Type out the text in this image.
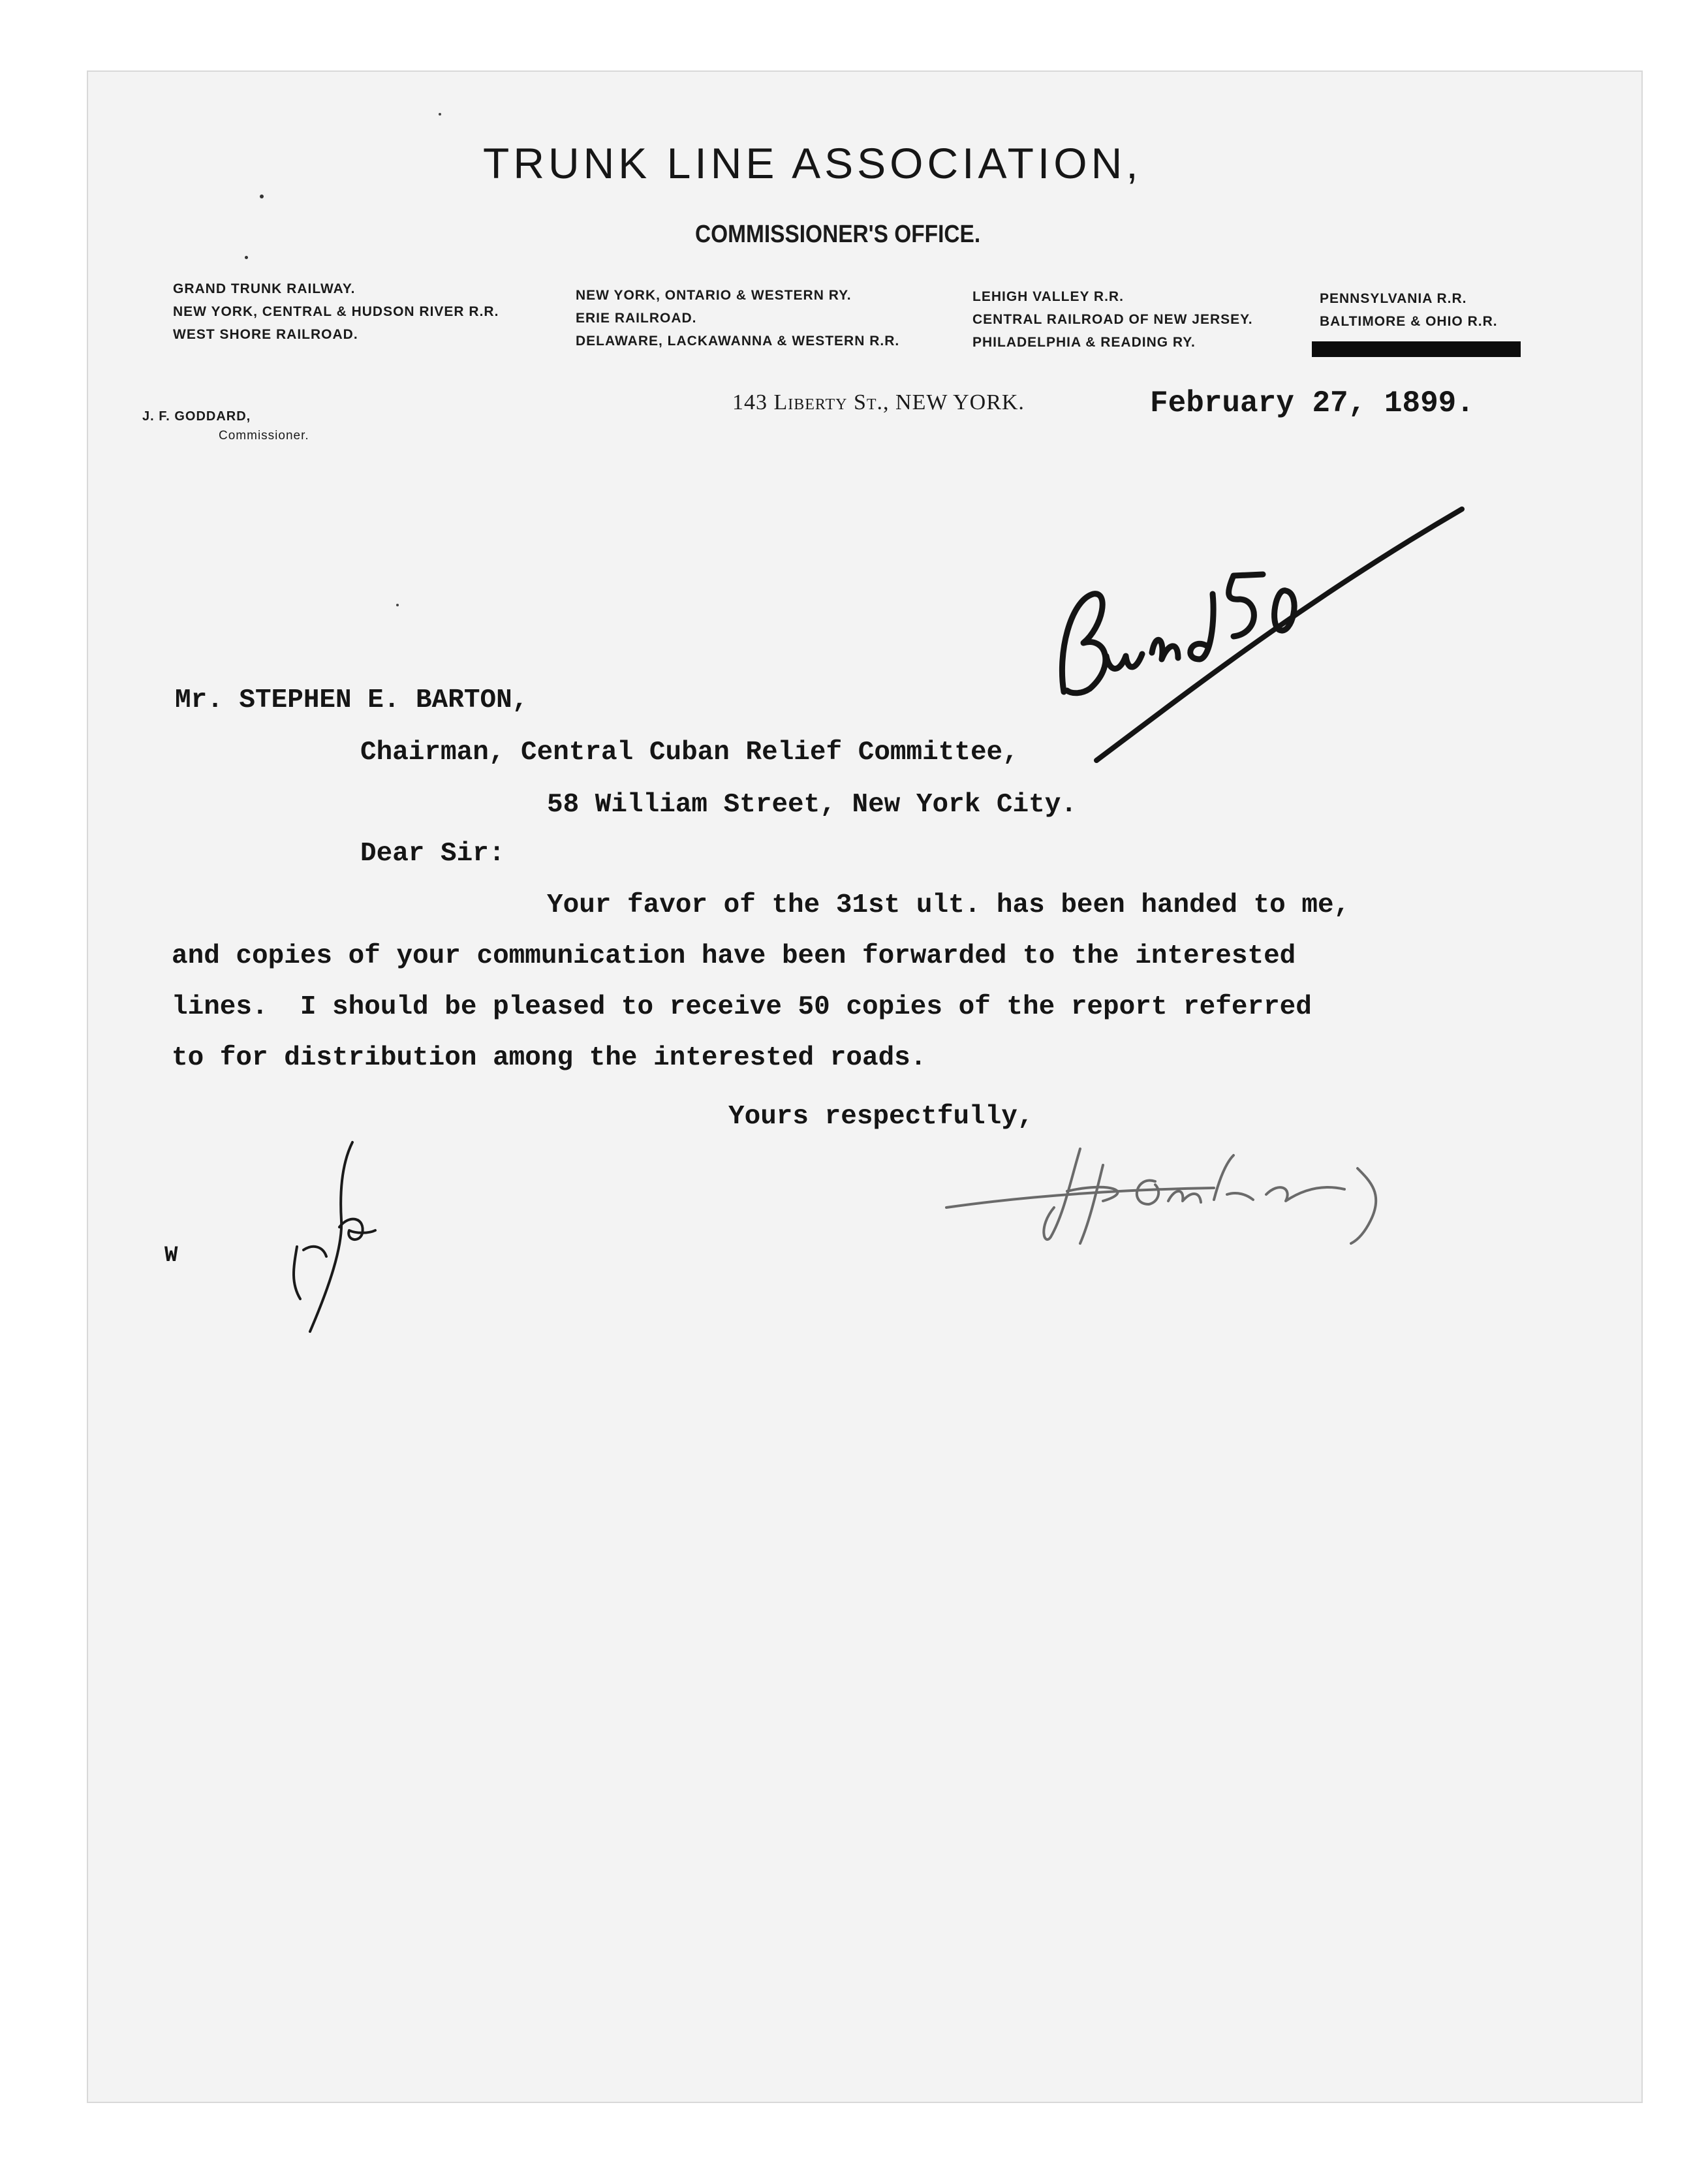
TRUNK LINE ASSOCIATION,
COMMISSIONER'S OFFICE.
GRAND TRUNK RAILWAY.
NEW YORK, CENTRAL & HUDSON RIVER R.R.
WEST SHORE RAILROAD.
NEW YORK, ONTARIO & WESTERN RY.
ERIE RAILROAD.
DELAWARE, LACKAWANNA & WESTERN R.R.
LEHIGH VALLEY R.R.
CENTRAL RAILROAD OF NEW JERSEY.
PHILADELPHIA & READING RY.
PENNSYLVANIA R.R.
BALTIMORE & OHIO R.R.
J. F. GODDARD,
Commissioner.
143 Liberty St., NEW YORK.	February 27, 1899.
Mr. STEPHEN E. BARTON,
Chairman, Central Cuban Relief Committee,
58 William Street, New York City.
Dear Sir:
Your favor of the 31st ult. has been handed to me,
and copies of your communication have been forwarded to the interested
lines.  I should be pleased to receive 50 copies of the report referred
to for distribution among the interested roads.
Yours respectfully,
W
